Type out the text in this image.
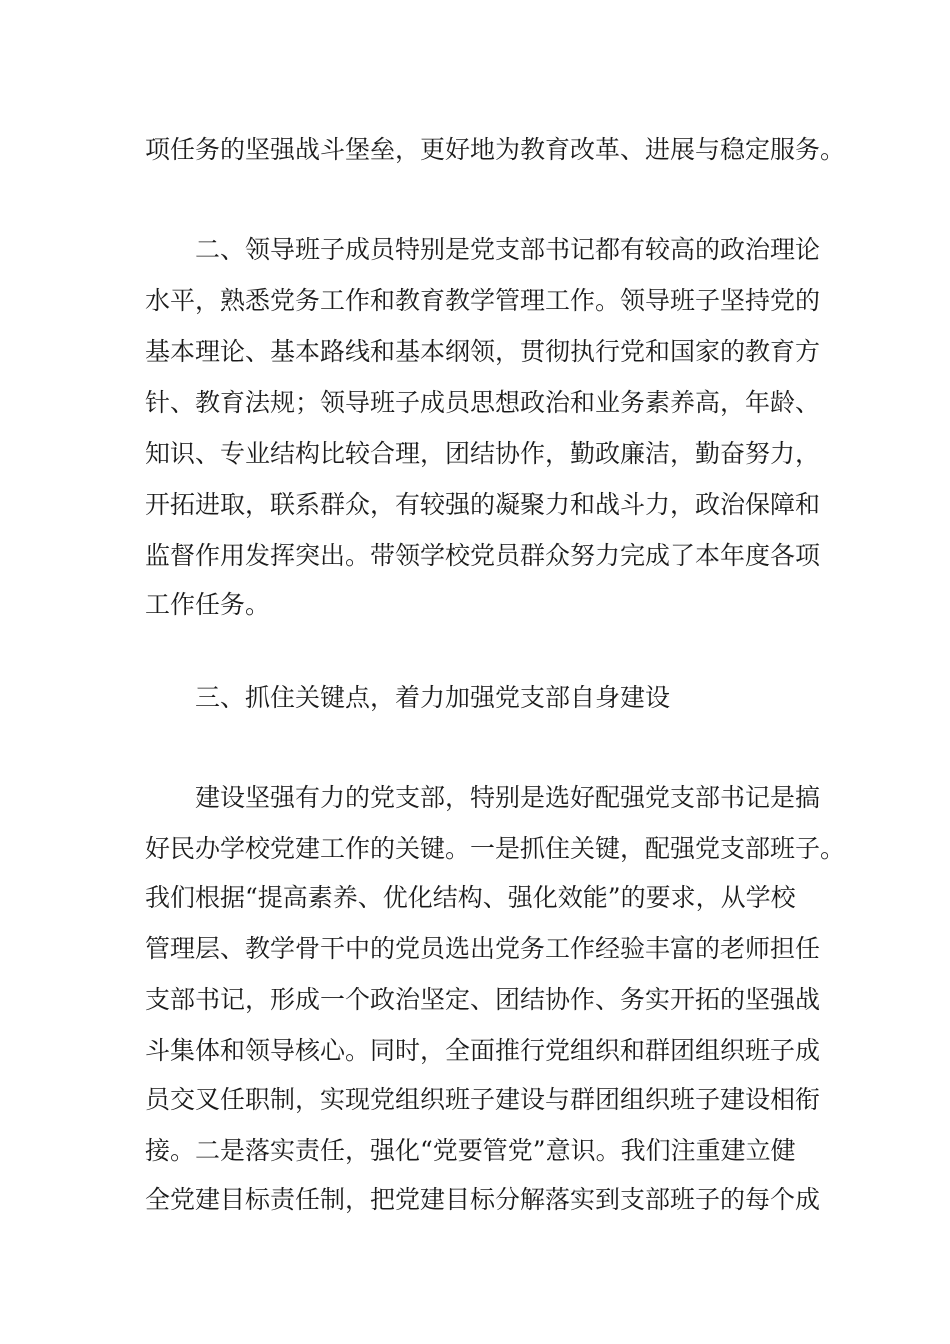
项任务的坚强战斗堡垒，更好地为教育改革、进展与稳定服务。
二、领导班子成员特别是党支部书记都有较高的政治理论
水平，熟悉党务工作和教育教学管理工作。领导班子坚持党的
基本理论、基本路线和基本纲领，贯彻执行党和国家的教育方
针、教育法规；领导班子成员思想政治和业务素养高，年龄、
知识、专业结构比较合理，团结协作，勤政廉洁，勤奋努力，
开拓进取，联系群众，有较强的凝聚力和战斗力，政治保障和
监督作用发挥突出。带领学校党员群众努力完成了本年度各项
工作任务。
三、抓住关键点，着力加强党支部自身建设
建设坚强有力的党支部，特别是选好配强党支部书记是搞
好民办学校党建工作的关键。一是抓住关键，配强党支部班子。
我们根据“提高素养、优化结构、强化效能”的要求，从学校
管理层、教学骨干中的党员选出党务工作经验丰富的老师担任
支部书记，形成一个政治坚定、团结协作、务实开拓的坚强战
斗集体和领导核心。同时，全面推行党组织和群团组织班子成
员交叉任职制，实现党组织班子建设与群团组织班子建设相衔
接。二是落实责任，强化“党要管党”意识。我们注重建立健
全党建目标责任制，把党建目标分解落实到支部班子的每个成
